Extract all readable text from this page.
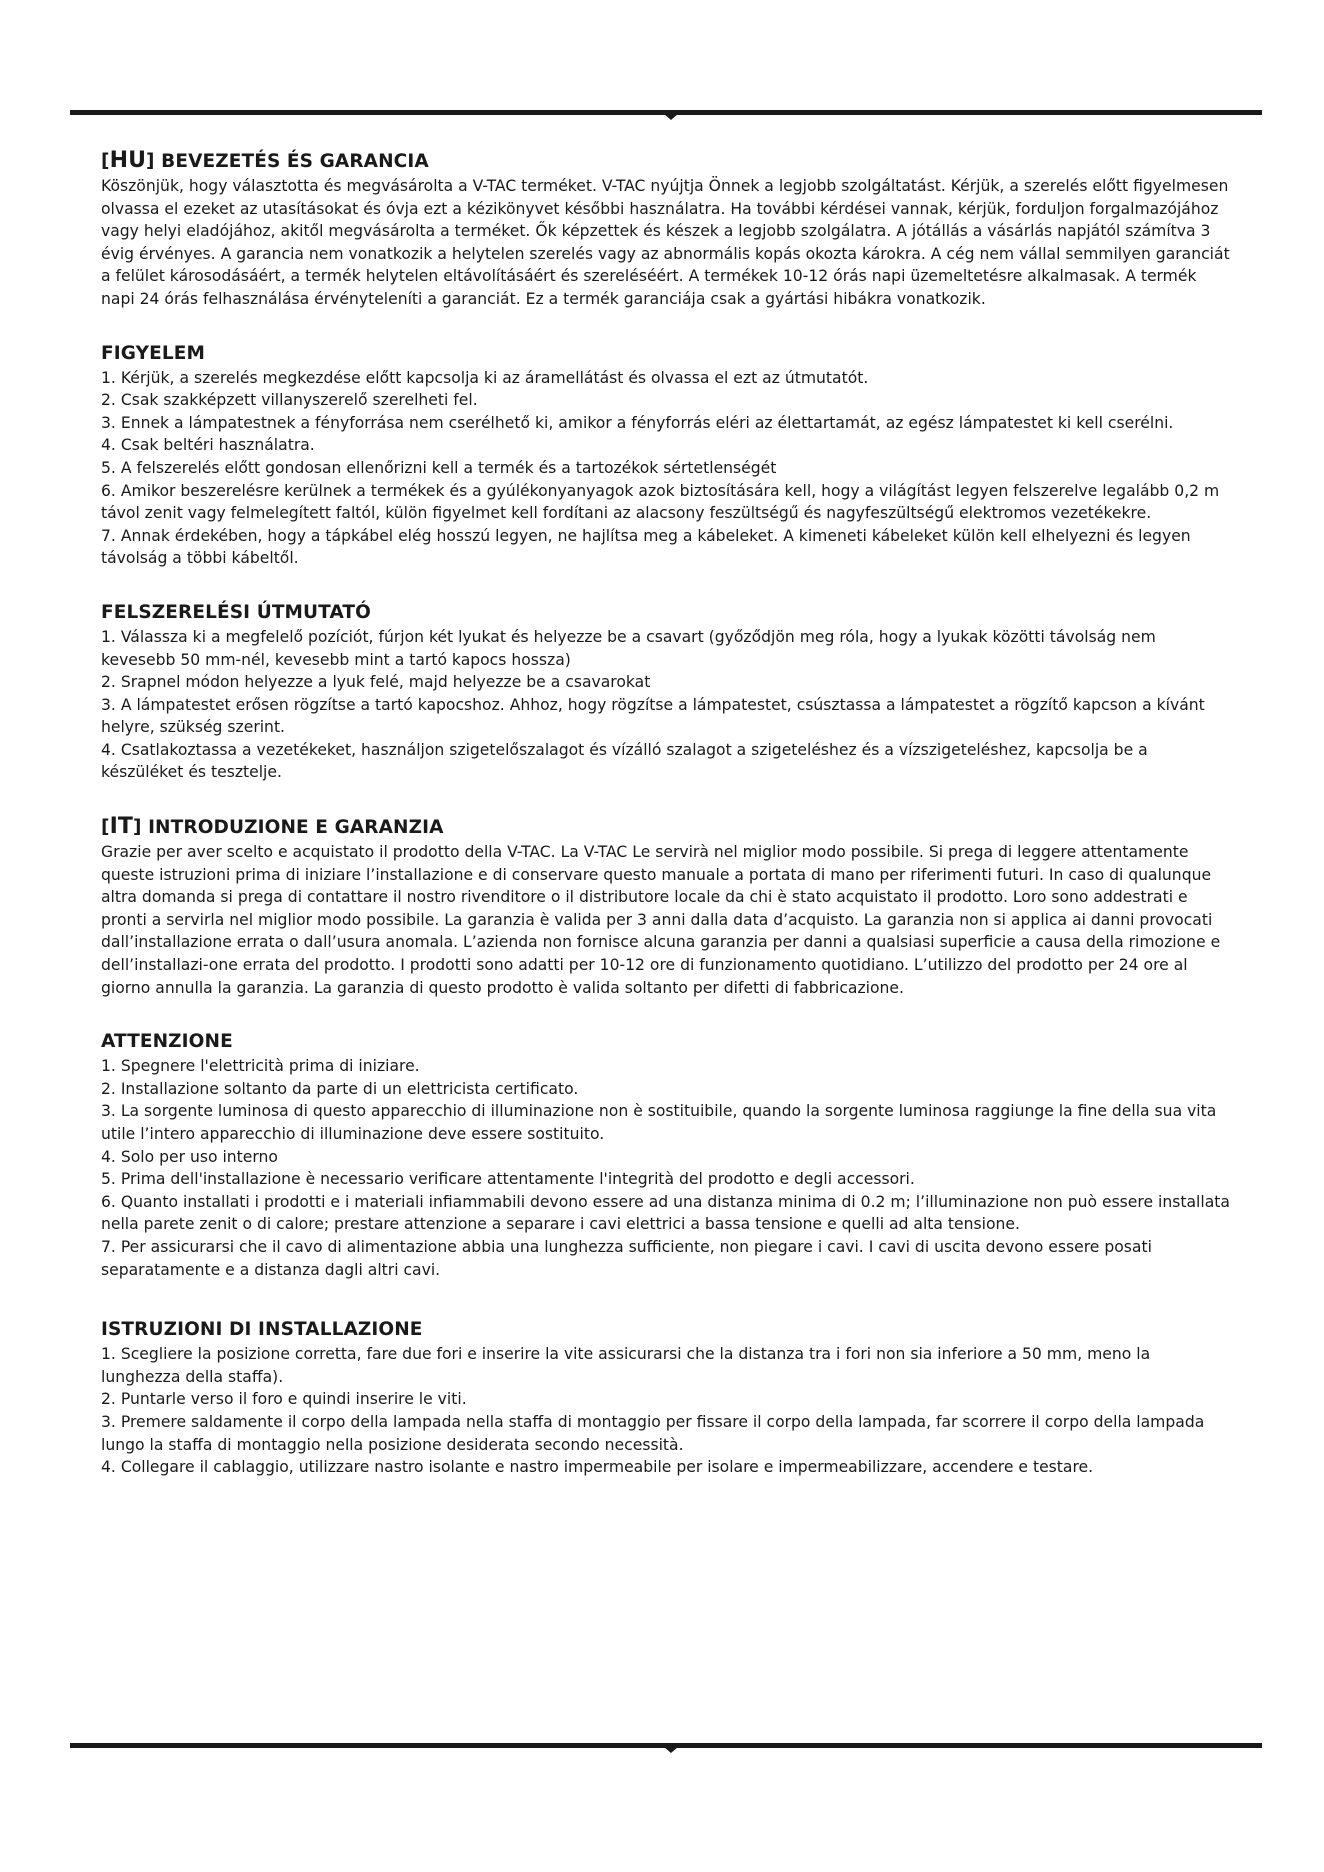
[HU] BEVEZETÉS ÉS GARANCIA

Köszönjük, hogy választotta és megvásárolta a V-TAC terméket. V-TAC nyújtja Önnek a legjobb szolgáltatást. Kérjük, a szerelés előtt figyelmesen olvassa el ezeket az utasításokat és óvja ezt a kézikönyvet későbbi használatra. Ha további kérdései vannak, kérjük, forduljon forgalmazójához vagy helyi eladójához, akitől megvásárolta a terméket. Ők képzettek és készek a legjobb szolgálatra. A jótállás a vásárlás napjától számítva 3 évig érvényes. A garancia nem vonatkozik a helytelen szerelés vagy az abnormális kopás okozta károkra. A cég nem vállal semmilyen garanciát a felület károsodásáért, a termék helytelen eltávolításáért és szereléséért. A termékek 10-12 órás napi üzemeltetésre alkalmasak. A termék napi 24 órás felhasználása érvényteleníti a garanciát. Ez a termék garanciája csak a gyártási hibákra vonatkozik.

FIGYELEM

1. Kérjük, a szerelés megkezdése előtt kapcsolja ki az áramellátást és olvassa el ezt az útmutatót.

2. Csak szakképzett villanyszerelő szerelheti fel.

3. Ennek a lámpatestnek a fényforrása nem cserélhető ki, amikor a fényforrás eléri az élettartamát, az egész lámpatestet ki kell cserélni.

4. Csak beltéri használatra.

5. A felszerelés előtt gondosan ellenőrizni kell a termék és a tartozékok sértetlenségét

6. Amikor beszerelésre kerülnek a termékek és a gyúlékonyanyagok azok biztosítására kell, hogy a világítást legyen felszerelve legalább 0,2 m távol zenit vagy felmelegített faltól, külön figyelmet kell fordítani az alacsony feszültségű és nagyfeszültségű elektromos vezetékekre.

7. Annak érdekében, hogy a tápkábel elég hosszú legyen, ne hajlítsa meg a kábeleket. A kimeneti kábeleket külön kell elhelyezni és legyen távolság a többi kábeltől.

FELSZERELÉSI ÚTMUTATÓ

1. Válassza ki a megfelelő pozíciót, fúrjon két lyukat és helyezze be a csavart (győződjön meg róla, hogy a lyukak közötti távolság nem kevesebb 50 mm-nél, kevesebb mint a tartó kapocs hossza)

2. Srapnel módon helyezze a lyuk felé, majd helyezze be a csavarokat

3. A lámpatestet erősen rögzítse a tartó kapocshoz. Ahhoz, hogy rögzítse a lámpatestet, csúsztassa a lámpatestet a rögzítő kapcson a kívánt helyre, szükség szerint.

4. Csatlakoztassa a vezetékeket, használjon szigetelőszalagot és vízálló szalagot a szigeteléshez és a vízszigeteléshez, kapcsolja be a készüléket és tesztelje.

[IT] INTRODUZIONE E GARANZIA

Grazie per aver scelto e acquistato il prodotto della V-TAC. La V-TAC Le servirà nel miglior modo possibile. Si prega di leggere attentamente queste istruzioni prima di iniziare l’installazione e di conservare questo manuale a portata di mano per riferimenti futuri. In caso di qualunque altra domanda si prega di contattare il nostro rivenditore o il distributore locale da chi è stato acquistato il prodotto. Loro sono addestrati e pronti a servirla nel miglior modo possibile. La garanzia è valida per 3 anni dalla data d’acquisto. La garanzia non si applica ai danni provocati dall’installazione errata o dall’usura anomala. L’azienda non fornisce alcuna garanzia per danni a qualsiasi superficie a causa della rimozione e dell’installazi-one errata del prodotto. I prodotti sono adatti per 10-12 ore di funzionamento quotidiano. L’utilizzo del prodotto per 24 ore al giorno annulla la garanzia. La garanzia di questo prodotto è valida soltanto per difetti di fabbricazione.

ATTENZIONE

1. Spegnere l'elettricità prima di iniziare.

2. Installazione soltanto da parte di un elettricista certificato.

3. La sorgente luminosa di questo apparecchio di illuminazione non è sostituibile, quando la sorgente luminosa raggiunge la fine della sua vita utile l’intero apparecchio di illuminazione deve essere sostituito.

4. Solo per uso interno

5. Prima dell'installazione è necessario verificare attentamente l'integrità del prodotto e degli accessori.

6. Quanto installati i prodotti e i materiali infiammabili devono essere ad una distanza minima di 0.2 m; l’illuminazione non può essere installata nella parete zenit o di calore; prestare attenzione a separare i cavi elettrici a bassa tensione e quelli ad alta tensione.

7. Per assicurarsi che il cavo di alimentazione abbia una lunghezza sufficiente, non piegare i cavi. I cavi di uscita devono essere posati separatamente e a distanza dagli altri cavi.

ISTRUZIONI DI INSTALLAZIONE

1. Scegliere la posizione corretta, fare due fori e inserire la vite assicurarsi che la distanza tra i fori non sia inferiore a 50 mm, meno la lunghezza della staffa).

2. Puntarle verso il foro e quindi inserire le viti.

3. Premere saldamente il corpo della lampada nella staffa di montaggio per fissare il corpo della lampada, far scorrere il corpo della lampada lungo la staffa di montaggio nella posizione desiderata secondo necessità.

4. Collegare il cablaggio, utilizzare nastro isolante e nastro impermeabile per isolare e impermeabilizzare, accendere e testare.
